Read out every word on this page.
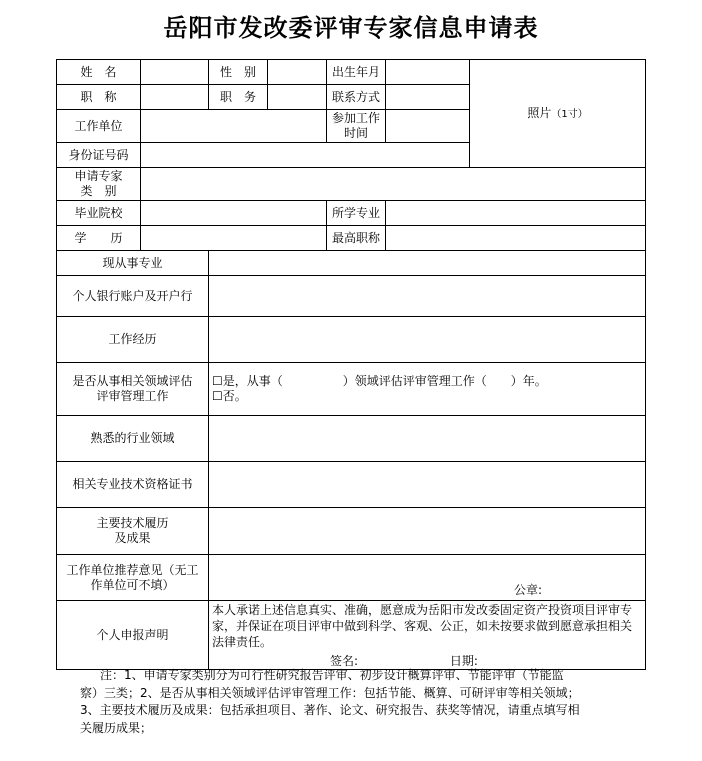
岳阳市发改委评审专家信息申请表
姓　名		性　别		出生年月		照片（1寸）
职　称		职　务		联系方式		
工作单位				参加工作
时间		

身份证号码						

申请专家
类　别						

毕业院校				所学专业		
学　　历				最高职称		
现从事专业						
个人银行账户及开户行						
工作经历						

是否从事相关领域评估
评审管理工作		☐是，从事（　　　　　）领域评估评审管理工作（　　）年。
☐否。				

熟悉的行业领域						
相关专业技术资格证书						

主要技术履历
及成果						

工作单位推荐意见（无工
作单位可不填）		公章:				

个人申报声明		本人承诺上述信息真实、准确，愿意成为岳阳市发改委固定资产投资项目评审专家，并保证在项目评审中做到科学、客观、公正，如未按要求做到愿意承担相关法律责任。
签名: 日期:				
注：1、申请专家类别分为可行性研究报告评审、初步设计概算评审、节能评审（节能监察）三类；2、是否从事相关领域评估评审管理工作：包括节能、概算、可研评审等相关领域；3、主要技术履历及成果：包括承担项目、著作、论文、研究报告、获奖等情况，请重点填写相关履历成果；
